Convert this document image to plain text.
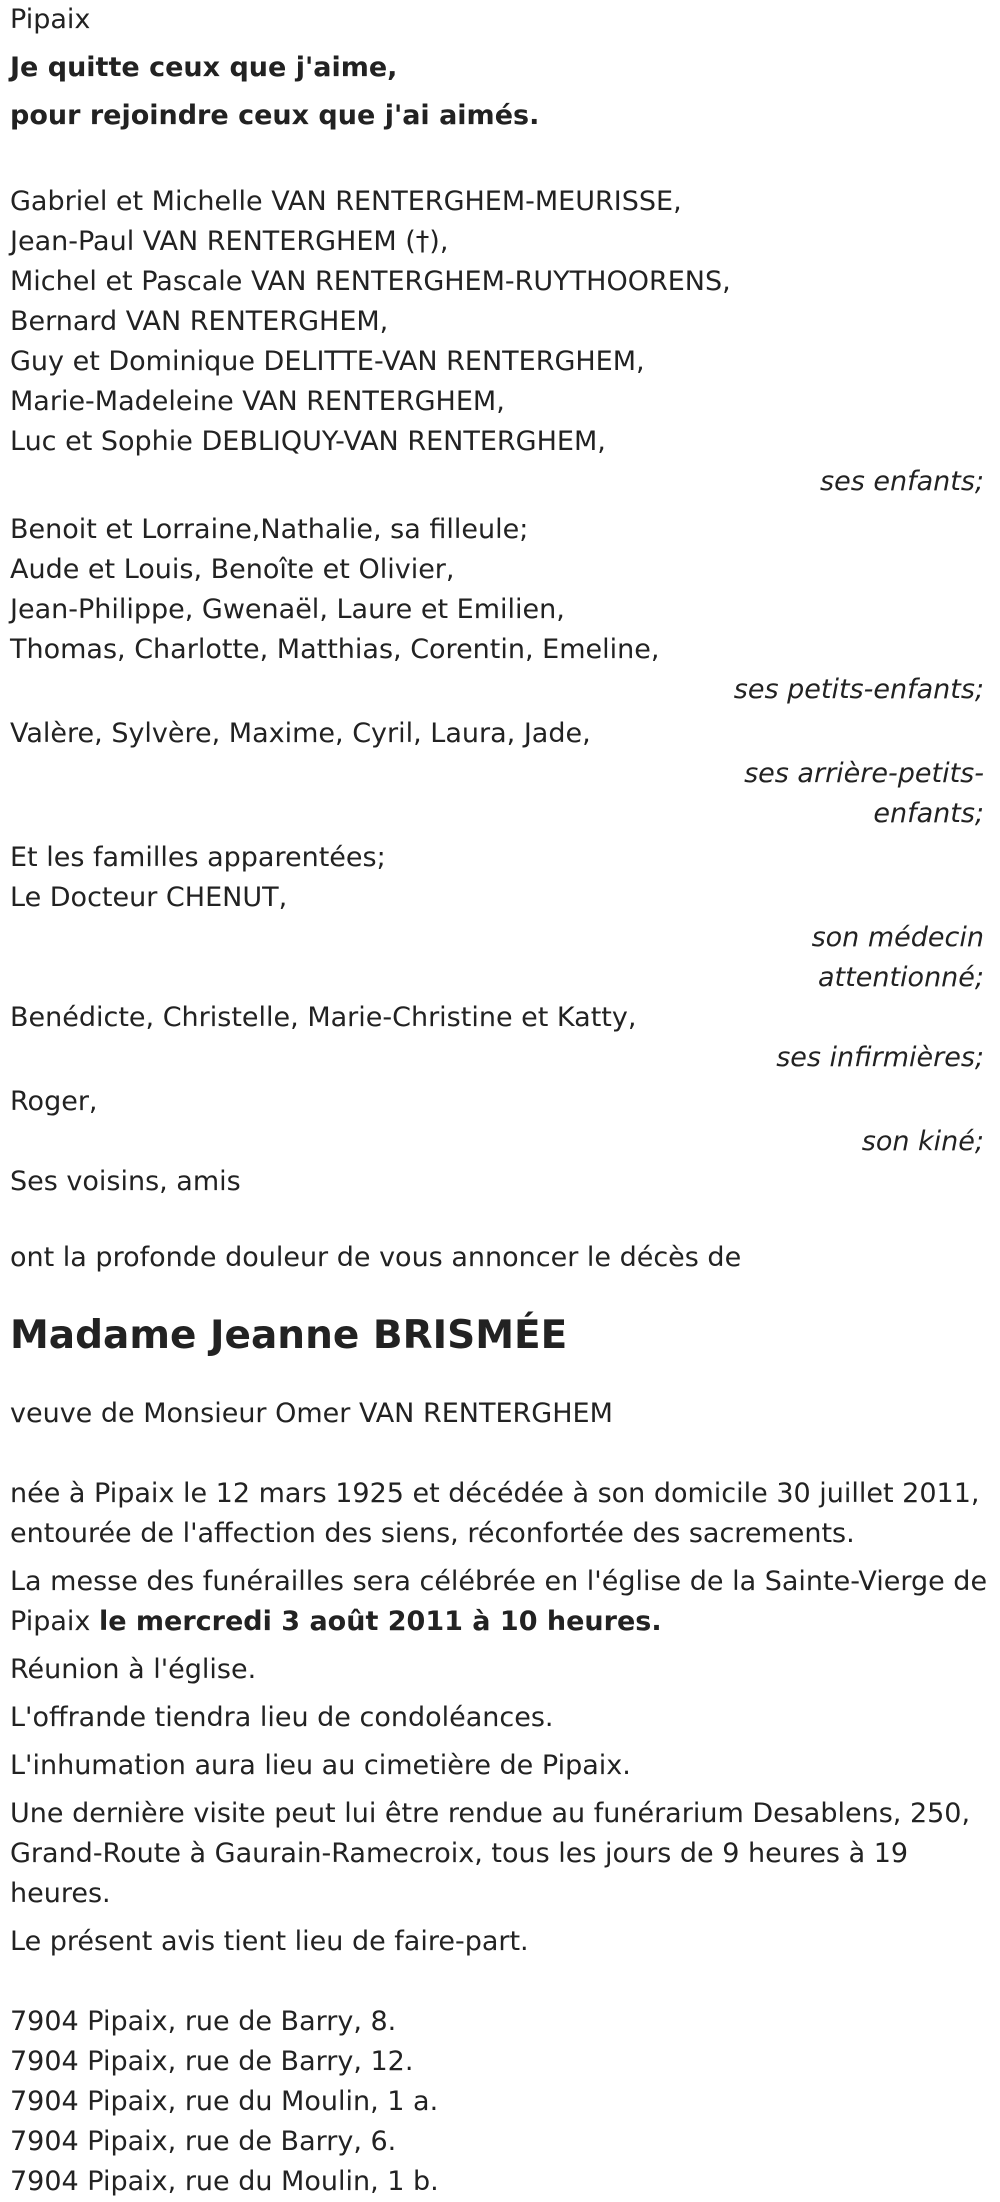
Pipaix
Je quitte ceux que j'aime,
pour rejoindre ceux que j'ai aimés.
Gabriel et Michelle VAN RENTERGHEM-MEURISSE,
Jean-Paul VAN RENTERGHEM (†),
Michel et Pascale VAN RENTERGHEM-RUYTHOORENS,
Bernard VAN RENTERGHEM,
Guy et Dominique DELITTE-VAN RENTERGHEM,
Marie-Madeleine VAN RENTERGHEM,
Luc et Sophie DEBLIQUY-VAN RENTERGHEM,
ses enfants;
Benoit et Lorraine,Nathalie, sa filleule;
Aude et Louis, Benoîte et Olivier,
Jean-Philippe, Gwenaël, Laure et Emilien,
Thomas, Charlotte, Matthias, Corentin, Emeline,
ses petits-enfants;
Valère, Sylvère, Maxime, Cyril, Laura, Jade,
ses arrière-petits-
enfants;
Et les familles apparentées;
Le Docteur CHENUT,
son médecin
attentionné;
Benédicte, Christelle, Marie-Christine et Katty,
ses infirmières;
Roger,
son kiné;
Ses voisins, amis
ont la profonde douleur de vous annoncer le décès de
Madame Jeanne BRISMÉE
veuve de Monsieur Omer VAN RENTERGHEM
née à Pipaix le 12 mars 1925 et décédée à son domicile 30 juillet 2011,
entourée de l'affection des siens, réconfortée des sacrements.
La messe des funérailles sera célébrée en l'église de la Sainte-Vierge de
Pipaix le mercredi 3 août 2011 à 10 heures.
Réunion à l'église.
L'offrande tiendra lieu de condoléances.
L'inhumation aura lieu au cimetière de Pipaix.
Une dernière visite peut lui être rendue au funérarium Desablens, 250,
Grand-Route à Gaurain-Ramecroix, tous les jours de 9 heures à 19
heures.
Le présent avis tient lieu de faire-part.
7904 Pipaix, rue de Barry, 8.
7904 Pipaix, rue de Barry, 12.
7904 Pipaix, rue du Moulin, 1 a.
7904 Pipaix, rue de Barry, 6.
7904 Pipaix, rue du Moulin, 1 b.
